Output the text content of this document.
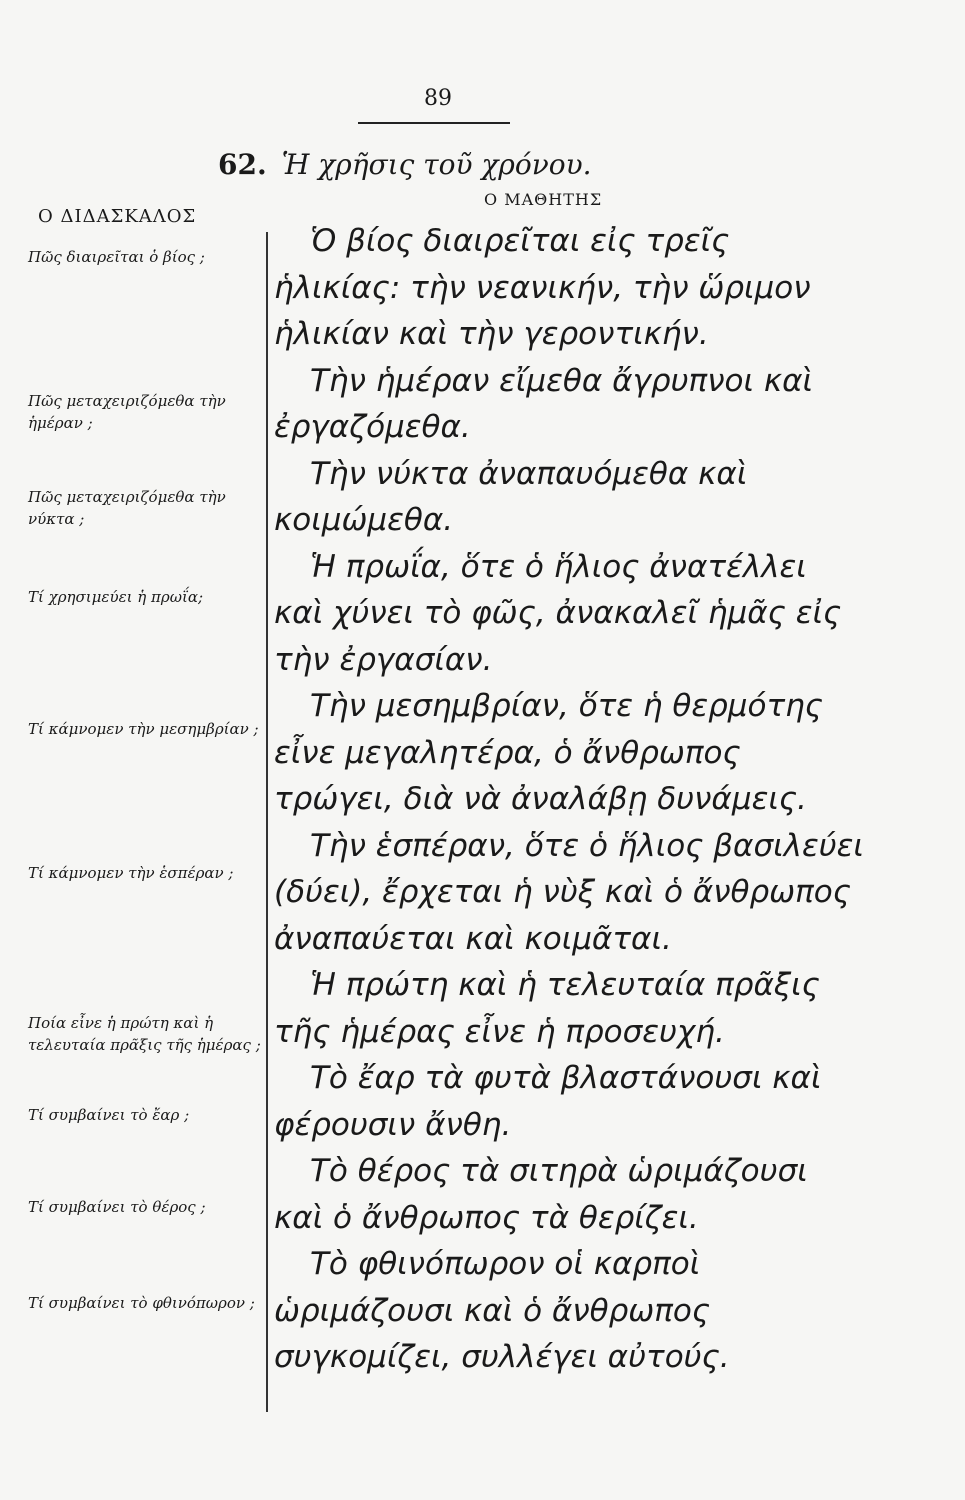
89
62. Ἡ χρῆσις τοῦ χρόνου.
Ο ΔΙΔΑΣΚΑΛΟΣ
Ο ΜΑΘΗΤΗΣ
Πῶς διαιρεῖται ὁ βίος ;
Πῶς μεταχειριζόμεθα τὴν ἡμέραν ;
Πῶς μεταχειριζόμεθα τὴν νύκτα ;
Τί χρησιμεύει ἡ πρωΐα;
Τί κάμνομεν τὴν μεσημβρίαν ;
Τί κάμνομεν τὴν ἑσπέραν ;
Ποία εἶνε ἡ πρώτη καὶ ἡ τελευταία πρᾶξις τῆς ἡμέρας ;
Τί συμβαίνει τὸ ἔαρ ;
Τί συμβαίνει τὸ θέρος ;
Τί συμβαίνει τὸ φθινόπωρον ;

Ὁ βίος διαιρεῖται εἰς τρεῖς ἡλικίας: τὴν νεανικήν, τὴν ὥριμον ἡλικίαν καὶ τὴν γεροντικήν.

Τὴν ἡμέραν εἴμεθα ἄγρυπνοι καὶ ἐργαζόμεθα.

Τὴν νύκτα ἀναπαυόμεθα καὶ κοιμώμεθα.

Ἡ πρωΐα, ὅτε ὁ ἥλιος ἀνατέλλει καὶ χύνει τὸ φῶς, ἀνακαλεῖ ἡμᾶς εἰς τὴν ἐργασίαν.

Τὴν μεσημβρίαν, ὅτε ἡ θερμότης εἶνε μεγαλητέρα, ὁ ἄνθρωπος τρώγει, διὰ νὰ ἀναλάβῃ δυνάμεις.

Τὴν ἑσπέραν, ὅτε ὁ ἥλιος βασιλεύει (δύει), ἔρχεται ἡ νὺξ καὶ ὁ ἄνθρωπος ἀναπαύεται καὶ κοιμᾶται.

Ἡ πρώτη καὶ ἡ τελευταία πρᾶξις τῆς ἡμέρας εἶνε ἡ προσευχή.

Τὸ ἔαρ τὰ φυτὰ βλαστάνουσι καὶ φέρουσιν ἄνθη.

Τὸ θέρος τὰ σιτηρὰ ὡριμάζουσι καὶ ὁ ἄνθρωπος τὰ θερίζει.

Τὸ φθινόπωρον οἱ καρποὶ ὡριμάζουσι καὶ ὁ ἄνθρωπος συγκομίζει, συλλέγει αὐτούς.
